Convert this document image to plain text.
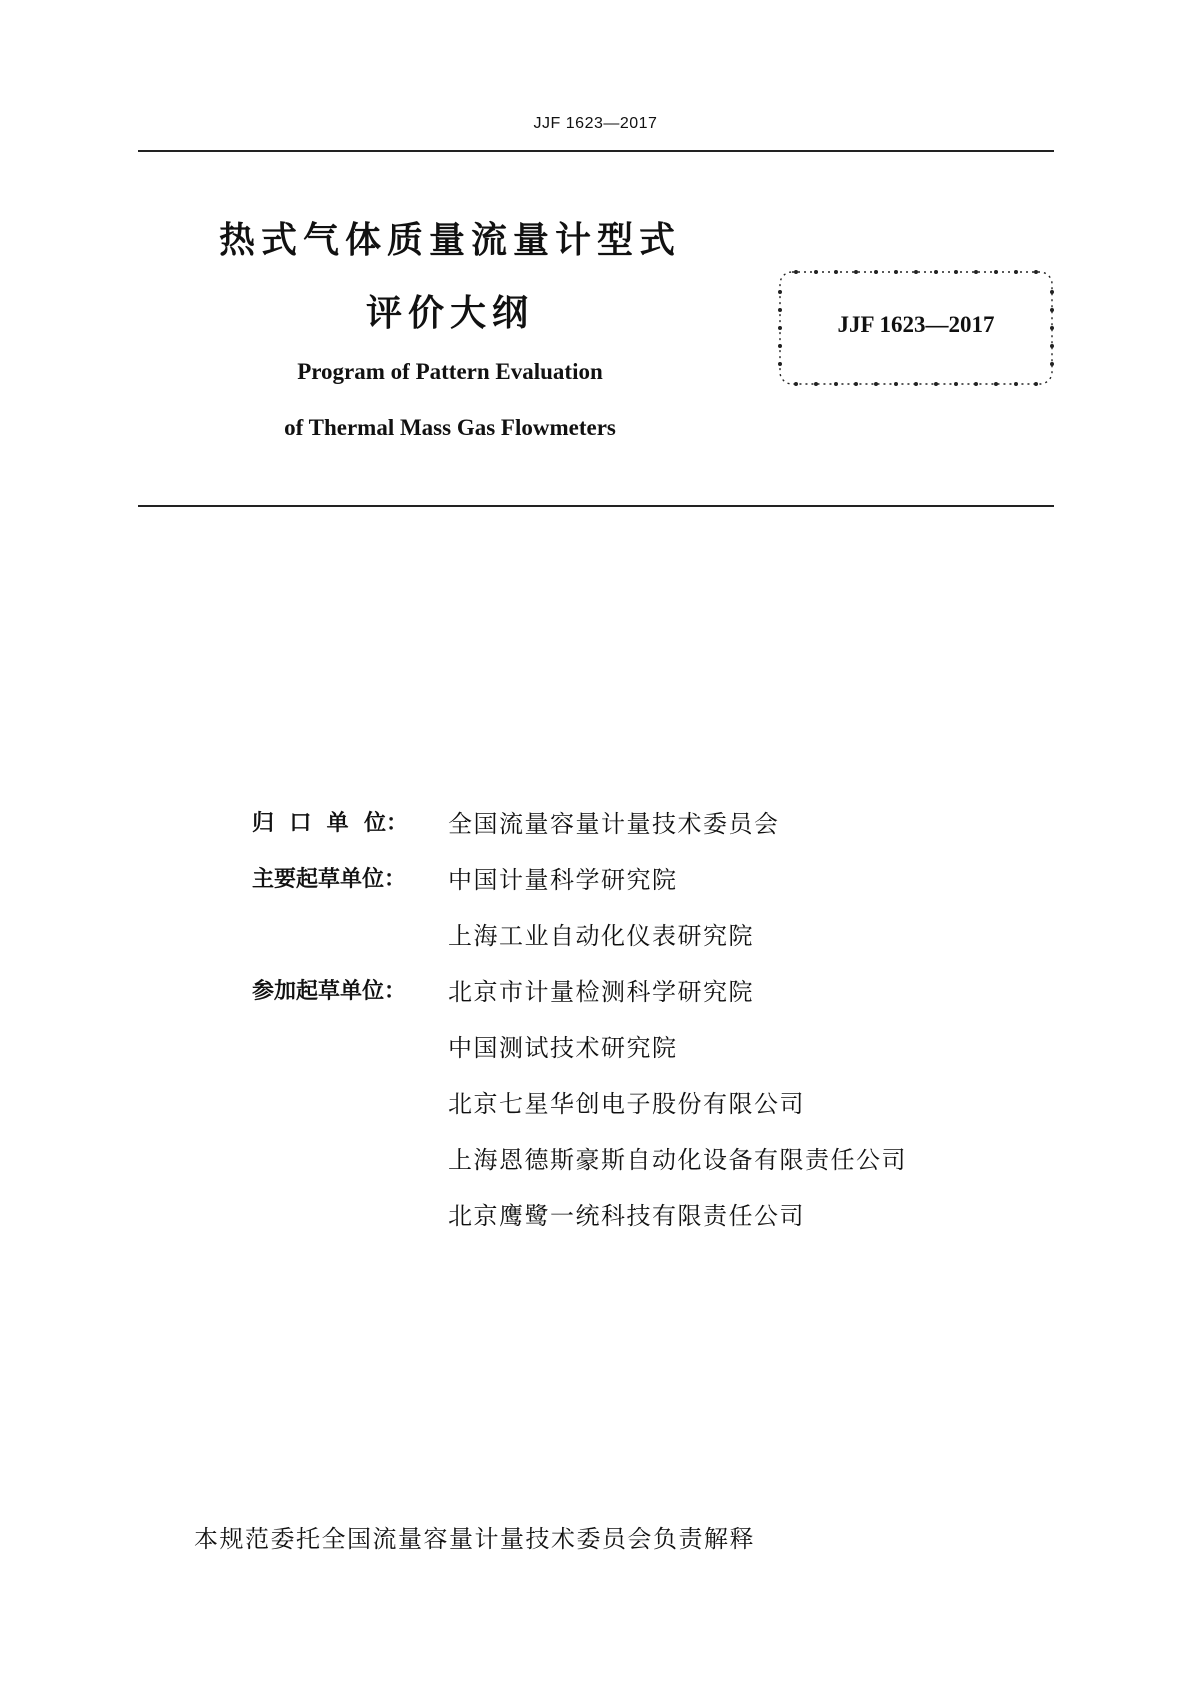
JJF 1623—2017
热式气体质量流量计型式
评价大纲
Program of Pattern Evaluation
of Thermal Mass Gas Flowmeters
JJF 1623—2017
归  口  单  位：	全国流量容量计量技术委员会
主要起草单位：	中国计量科学研究院
上海工业自动化仪表研究院
参加起草单位：	北京市计量检测科学研究院
中国测试技术研究院
北京七星华创电子股份有限公司
上海恩德斯豪斯自动化设备有限责任公司
北京鹰鹭一统科技有限责任公司
本规范委托全国流量容量计量技术委员会负责解释
